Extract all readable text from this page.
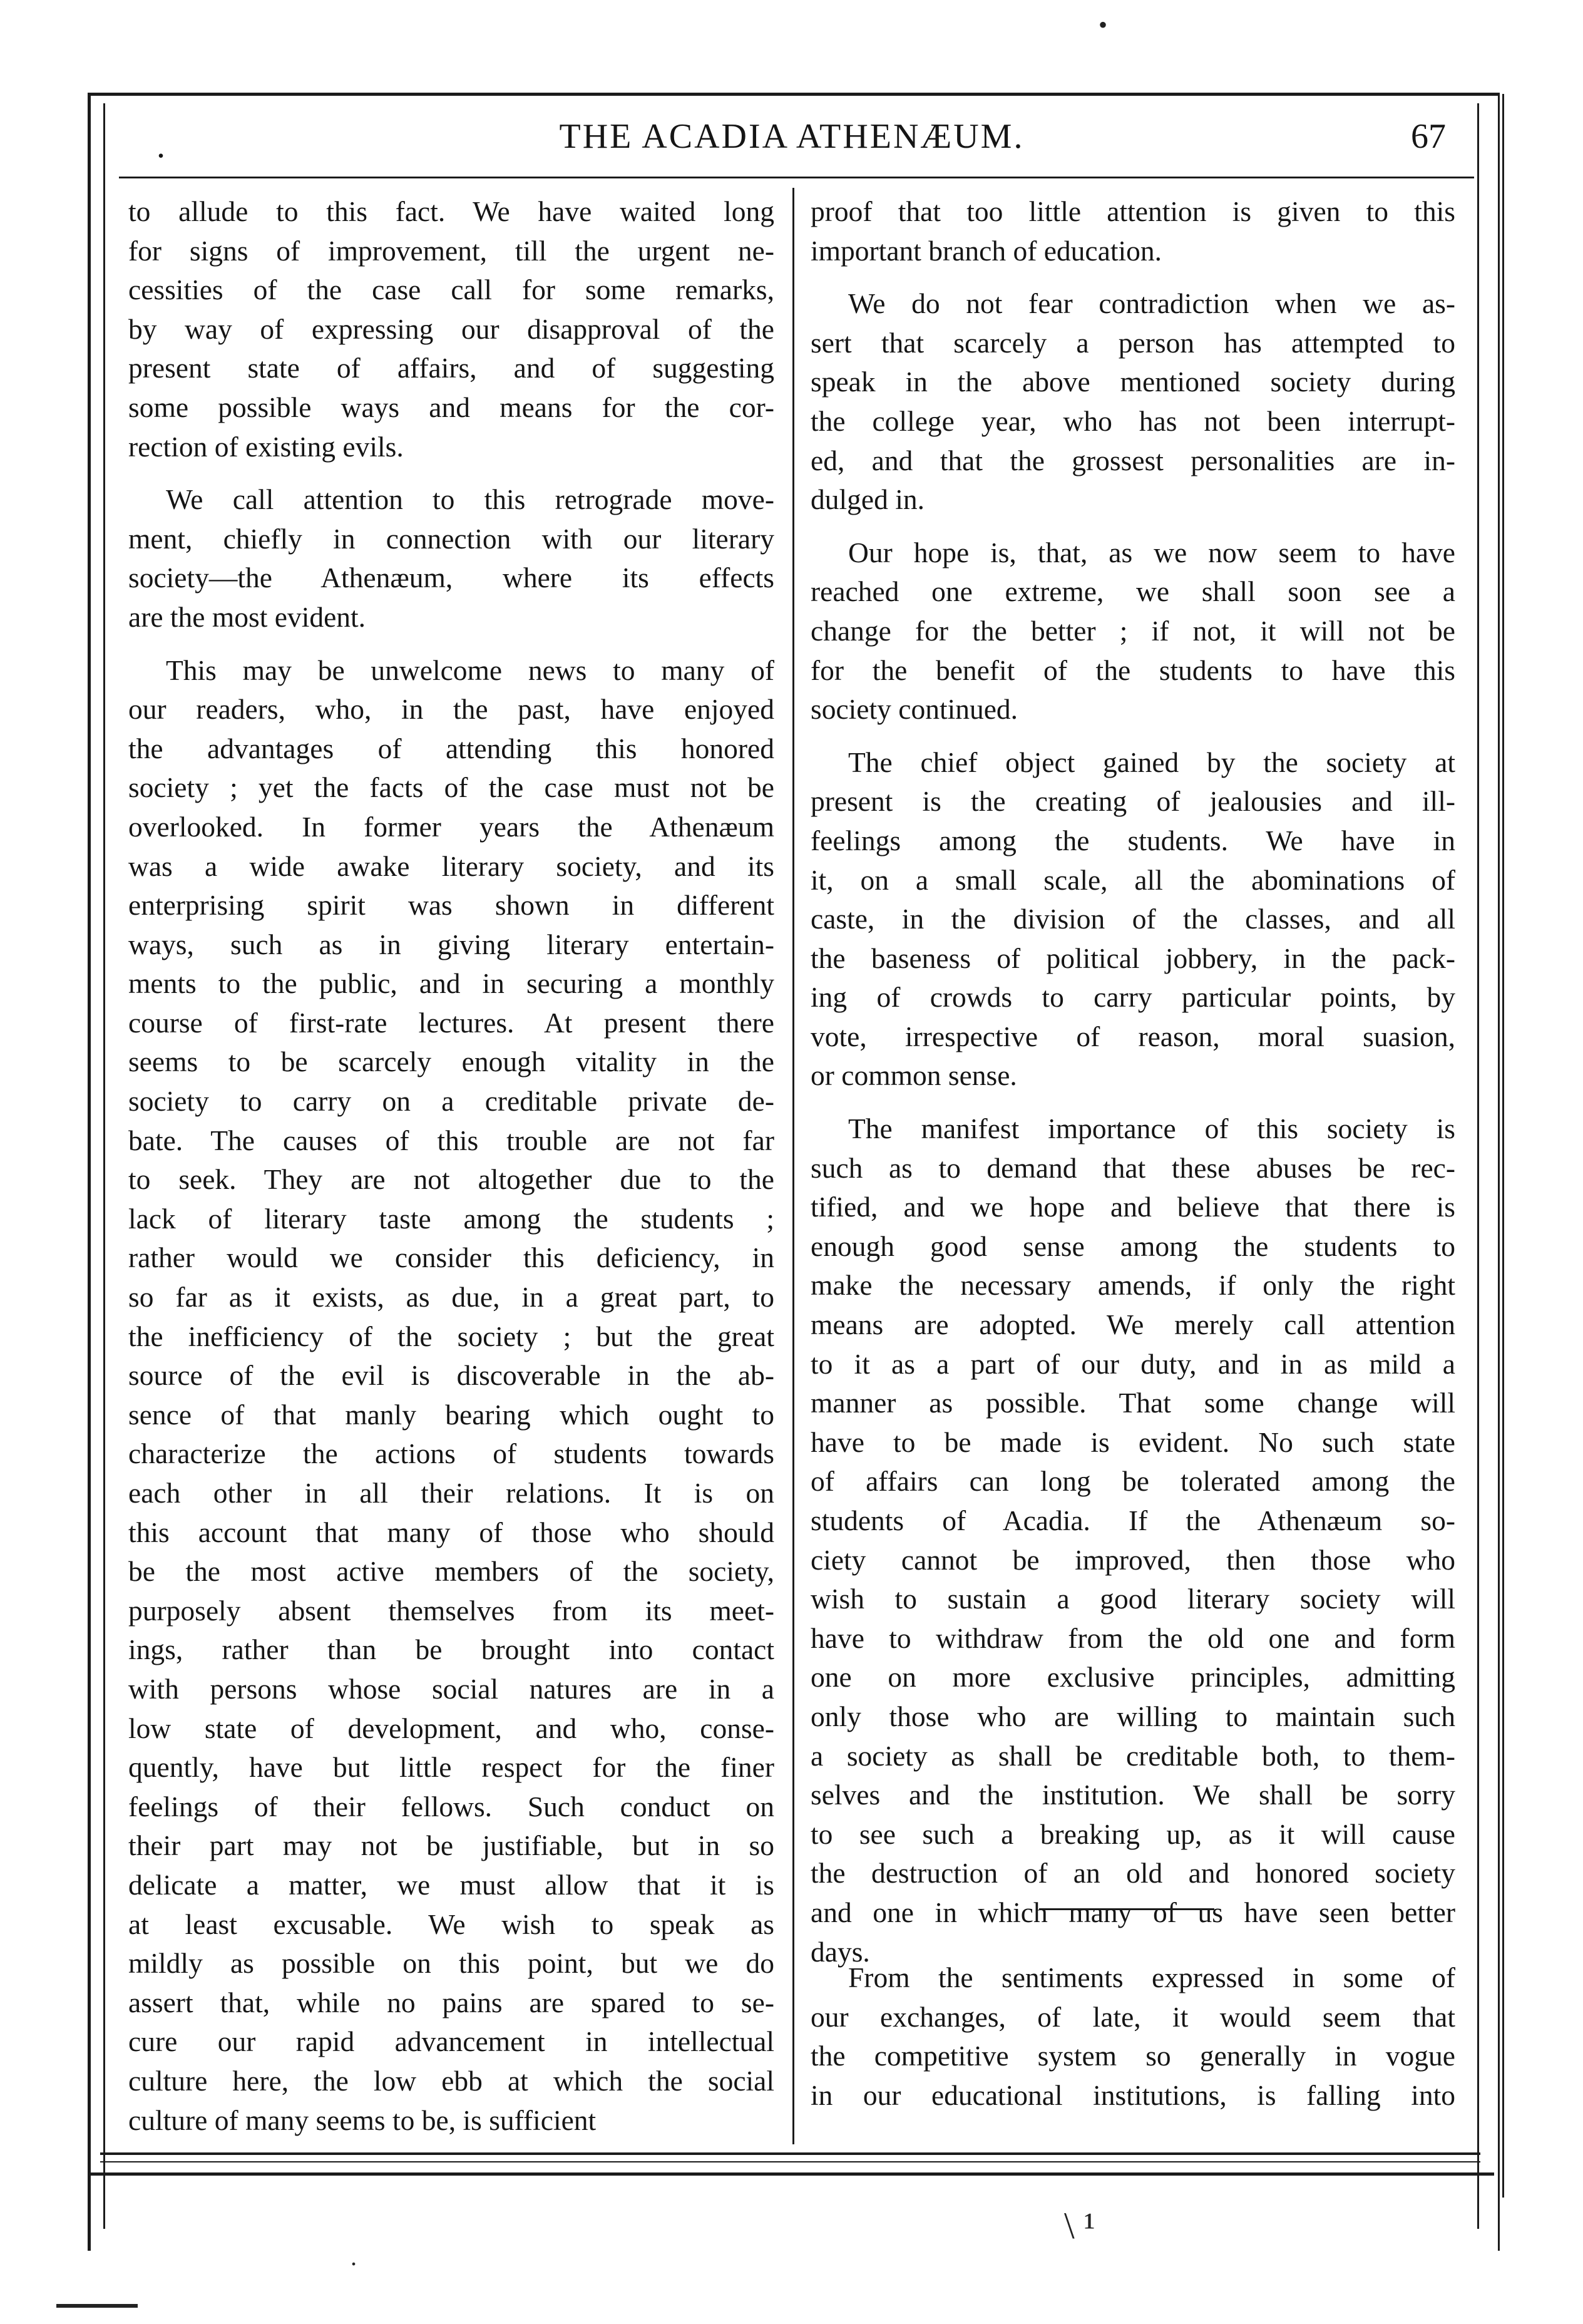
•
.	THE ACADIA ATHENÆUM.	67
to allude to this fact. We have waited long
for signs of improvement, till the urgent ne-
cessities of the case call for some remarks,
by way of expressing our disapproval of the
present state of affairs, and of suggesting
some possible ways and means for the cor-
rection of existing evils.
We call attention to this retrograde move-
ment, chiefly in connection with our literary
society—the Athenæum, where its effects
are the most evident.
This may be unwelcome news to many of
our readers, who, in the past, have enjoyed
the advantages of attending this honored
society ; yet the facts of the case must not be
overlooked. In former years the Athenæum
was a wide awake literary society, and its
enterprising spirit was shown in different
ways, such as in giving literary entertain-
ments to the public, and in securing a monthly
course of first-rate lectures. At present there
seems to be scarcely enough vitality in the
society to carry on a creditable private de-
bate. The causes of this trouble are not far
to seek. They are not altogether due to the
lack of literary taste among the students ;
rather would we consider this deficiency, in
so far as it exists, as due, in a great part, to
the inefficiency of the society ; but the great
source of the evil is discoverable in the ab-
sence of that manly bearing which ought to
characterize the actions of students towards
each other in all their relations. It is on
this account that many of those who should
be the most active members of the society,
purposely absent themselves from its meet-
ings, rather than be brought into contact
with persons whose social natures are in a
low state of development, and who, conse-
quently, have but little respect for the finer
feelings of their fellows. Such conduct on
their part may not be justifiable, but in so
delicate a matter, we must allow that it is
at least excusable. We wish to speak as
mildly as possible on this point, but we do
assert that, while no pains are spared to se-
cure our rapid advancement in intellectual
culture here, the low ebb at which the social
culture of many seems to be, is sufficient
proof that too little attention is given to this
important branch of education.
We do not fear contradiction when we as-
sert that scarcely a person has attempted to
speak in the above mentioned society during
the college year, who has not been interrupt-
ed, and that the grossest personalities are in-
dulged in.
Our hope is, that, as we now seem to have
reached one extreme, we shall soon see a
change for the better ; if not, it will not be
for the benefit of the students to have this
society continued.
The chief object gained by the society at
present is the creating of jealousies and ill-
feelings among the students. We have in
it, on a small scale, all the abominations of
caste, in the division of the classes, and all
the baseness of political jobbery, in the pack-
ing of crowds to carry particular points, by
vote, irrespective of reason, moral suasion,
or common sense.
The manifest importance of this society is
such as to demand that these abuses be rec-
tified, and we hope and believe that there is
enough good sense among the students to
make the necessary amends, if only the right
means are adopted. We merely call attention
to it as a part of our duty, and in as mild a
manner as possible. That some change will
have to be made is evident. No such state
of affairs can long be tolerated among the
students of Acadia. If the Athenæum so-
ciety cannot be improved, then those who
wish to sustain a good literary society will
have to withdraw from the old one and form
one on more exclusive principles, admitting
only those who are willing to maintain such
a society as shall be creditable both, to them-
selves and the institution. We shall be sorry
to see such a breaking up, as it will cause
the destruction of an old and honored society
and one in which many of us have seen better
days.
From the sentiments expressed in some of
our exchanges, of late, it would seem that
the competitive system so generally in vogue
in our educational institutions, is falling into
\ ¹
.
